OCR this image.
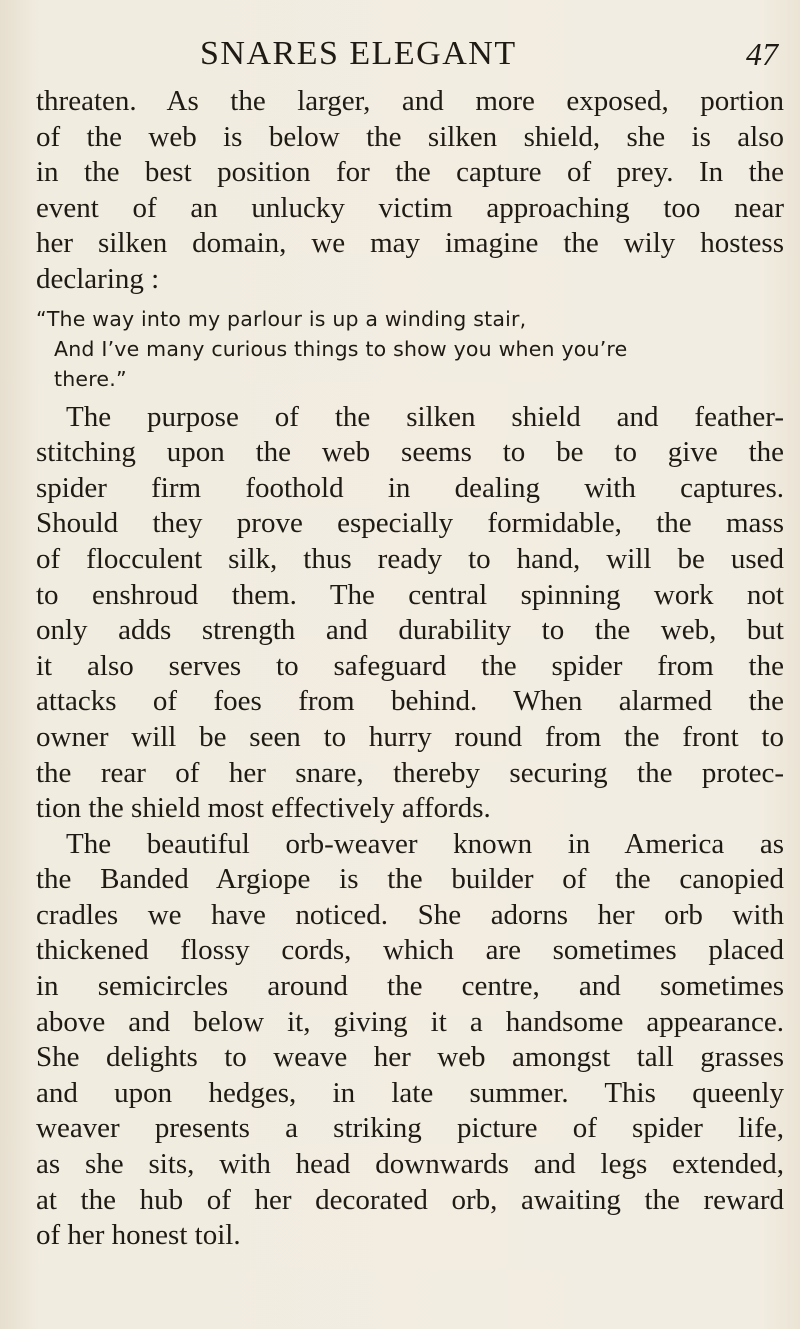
SNARES ELEGANT	47
threaten. As the larger, and more exposed, portion
of the web is below the silken shield, she is also
in the best position for the capture of prey. In the
event of an unlucky victim approaching too near
her silken domain, we may imagine the wily hostess
declaring :
“The way into my parlour is up a winding stair,
And I’ve many curious things to show you when you’re
there.”
The purpose of the silken shield and feather-
stitching upon the web seems to be to give the
spider firm foothold in dealing with captures.
Should they prove especially formidable, the mass
of flocculent silk, thus ready to hand, will be used
to enshroud them. The central spinning work not
only adds strength and durability to the web, but
it also serves to safeguard the spider from the
attacks of foes from behind. When alarmed the
owner will be seen to hurry round from the front to
the rear of her snare, thereby securing the protec-
tion the shield most effectively affords.
The beautiful orb-weaver known in America as
the Banded Argiope is the builder of the canopied
cradles we have noticed. She adorns her orb with
thickened flossy cords, which are sometimes placed
in semicircles around the centre, and sometimes
above and below it, giving it a handsome appearance.
She delights to weave her web amongst tall grasses
and upon hedges, in late summer. This queenly
weaver presents a striking picture of spider life,
as she sits, with head downwards and legs extended,
at the hub of her decorated orb, awaiting the reward
of her honest toil.
